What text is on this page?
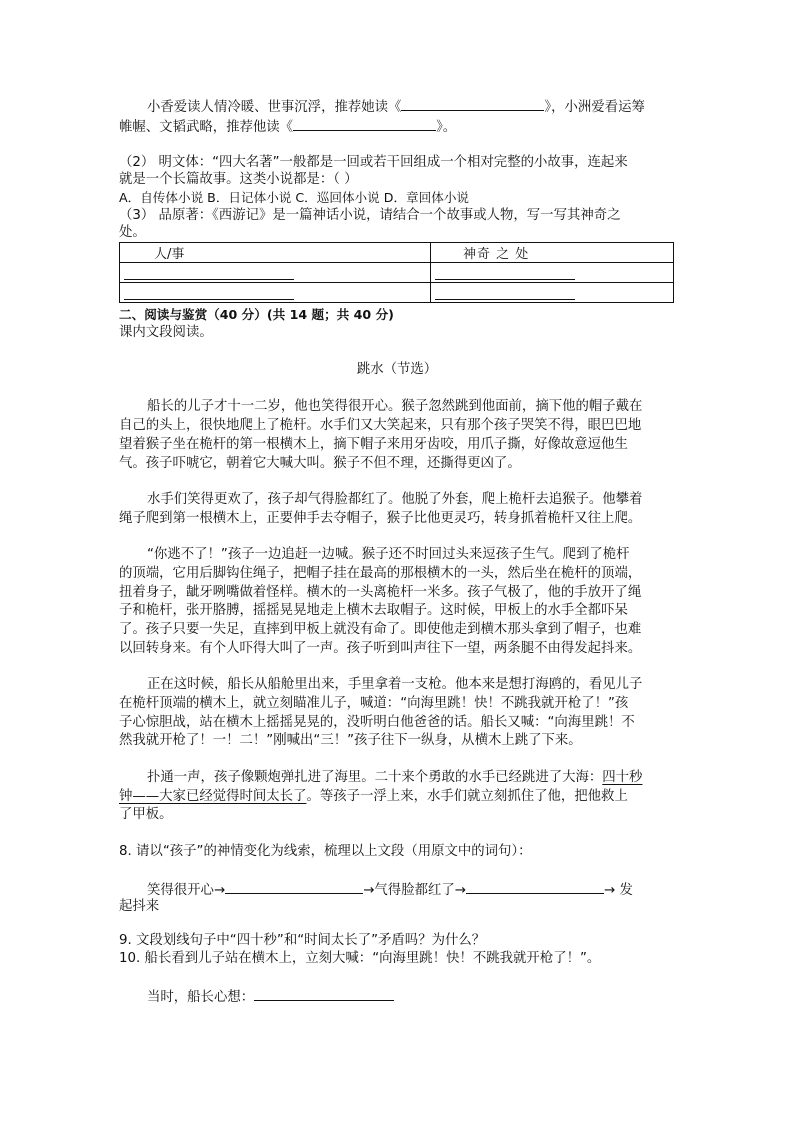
小香爱读人情冷暖、世事沉浮，推荐她读《	》，小洲爱看运筹
帷幄、文韬武略，推荐他读《	》。
（2） 明文体：“四大名著”一般都是一回或若干回组成一个相对完整的小故事，连起来
就是一个长篇故事。这类小说都是：（ ）
A．自传体小说 B．日记体小说 C．巡回体小说 D．章回体小说
（3） 品原著：《西游记》是一篇神话小说，请结合一个故事或人物，写一写其神奇之
处。
人/事	神奇 之 处

二、阅读与鉴赏（40 分）(共 14 题；共 40 分)
课内文段阅读。
跳水（节选）
船长的儿子才十一二岁，他也笑得很开心。猴子忽然跳到他面前，摘下他的帽子戴在
自己的头上，很快地爬上了桅杆。水手们又大笑起来，只有那个孩子哭笑不得，眼巴巴地
望着猴子坐在桅杆的第一根横木上，摘下帽子来用牙齿咬，用爪子撕，好像故意逗他生
气。孩子吓唬它，朝着它大喊大叫。猴子不但不理，还撕得更凶了。
水手们笑得更欢了，孩子却气得脸都红了。他脱了外套，爬上桅杆去追猴子。他攀着
绳子爬到第一根横木上，正要伸手去夺帽子，猴子比他更灵巧，转身抓着桅杆又往上爬。
“你逃不了！”孩子一边追赶一边喊。猴子还不时回过头来逗孩子生气。爬到了桅杆
的顶端，它用后脚钩住绳子，把帽子挂在最高的那根横木的一头，然后坐在桅杆的顶端，
扭着身子，龇牙咧嘴做着怪样。横木的一头离桅杆一米多。孩子气极了，他的手放开了绳
子和桅杆，张开胳膊，摇摇晃晃地走上横木去取帽子。这时候，甲板上的水手全都吓呆
了。孩子只要一失足，直摔到甲板上就没有命了。即使他走到横木那头拿到了帽子，也难
以回转身来。有个人吓得大叫了一声。孩子听到叫声往下一望，两条腿不由得发起抖来。
正在这时候，船长从船舱里出来，手里拿着一支枪。他本来是想打海鸥的，看见儿子
在桅杆顶端的横木上，就立刻瞄准儿子，喊道：“向海里跳！快！不跳我就开枪了！”孩
子心惊胆战，站在横木上摇摇晃晃的，没听明白他爸爸的话。船长又喊：“向海里跳！不
然我就开枪了！一！二！”刚喊出“三！”孩子往下一纵身，从横木上跳了下来。
扑通一声，孩子像颗炮弹扎进了海里。二十来个勇敢的水手已经跳进了大海：四十秒
钟——大家已经觉得时间太长了。等孩子一浮上来，水手们就立刻抓住了他，把他救上
了甲板。
8. 请以“孩子”的神情变化为线索，梳理以上文段（用原文中的词句）：
笑得很开心→	→气得脸都红了→	→ 发
起抖来
9. 文段划线句子中“四十秒”和“时间太长了”矛盾吗？为什么？
10. 船长看到儿子站在横木上，立刻大喊：“向海里跳！快！不跳我就开枪了！”。
当时，船长心想：
